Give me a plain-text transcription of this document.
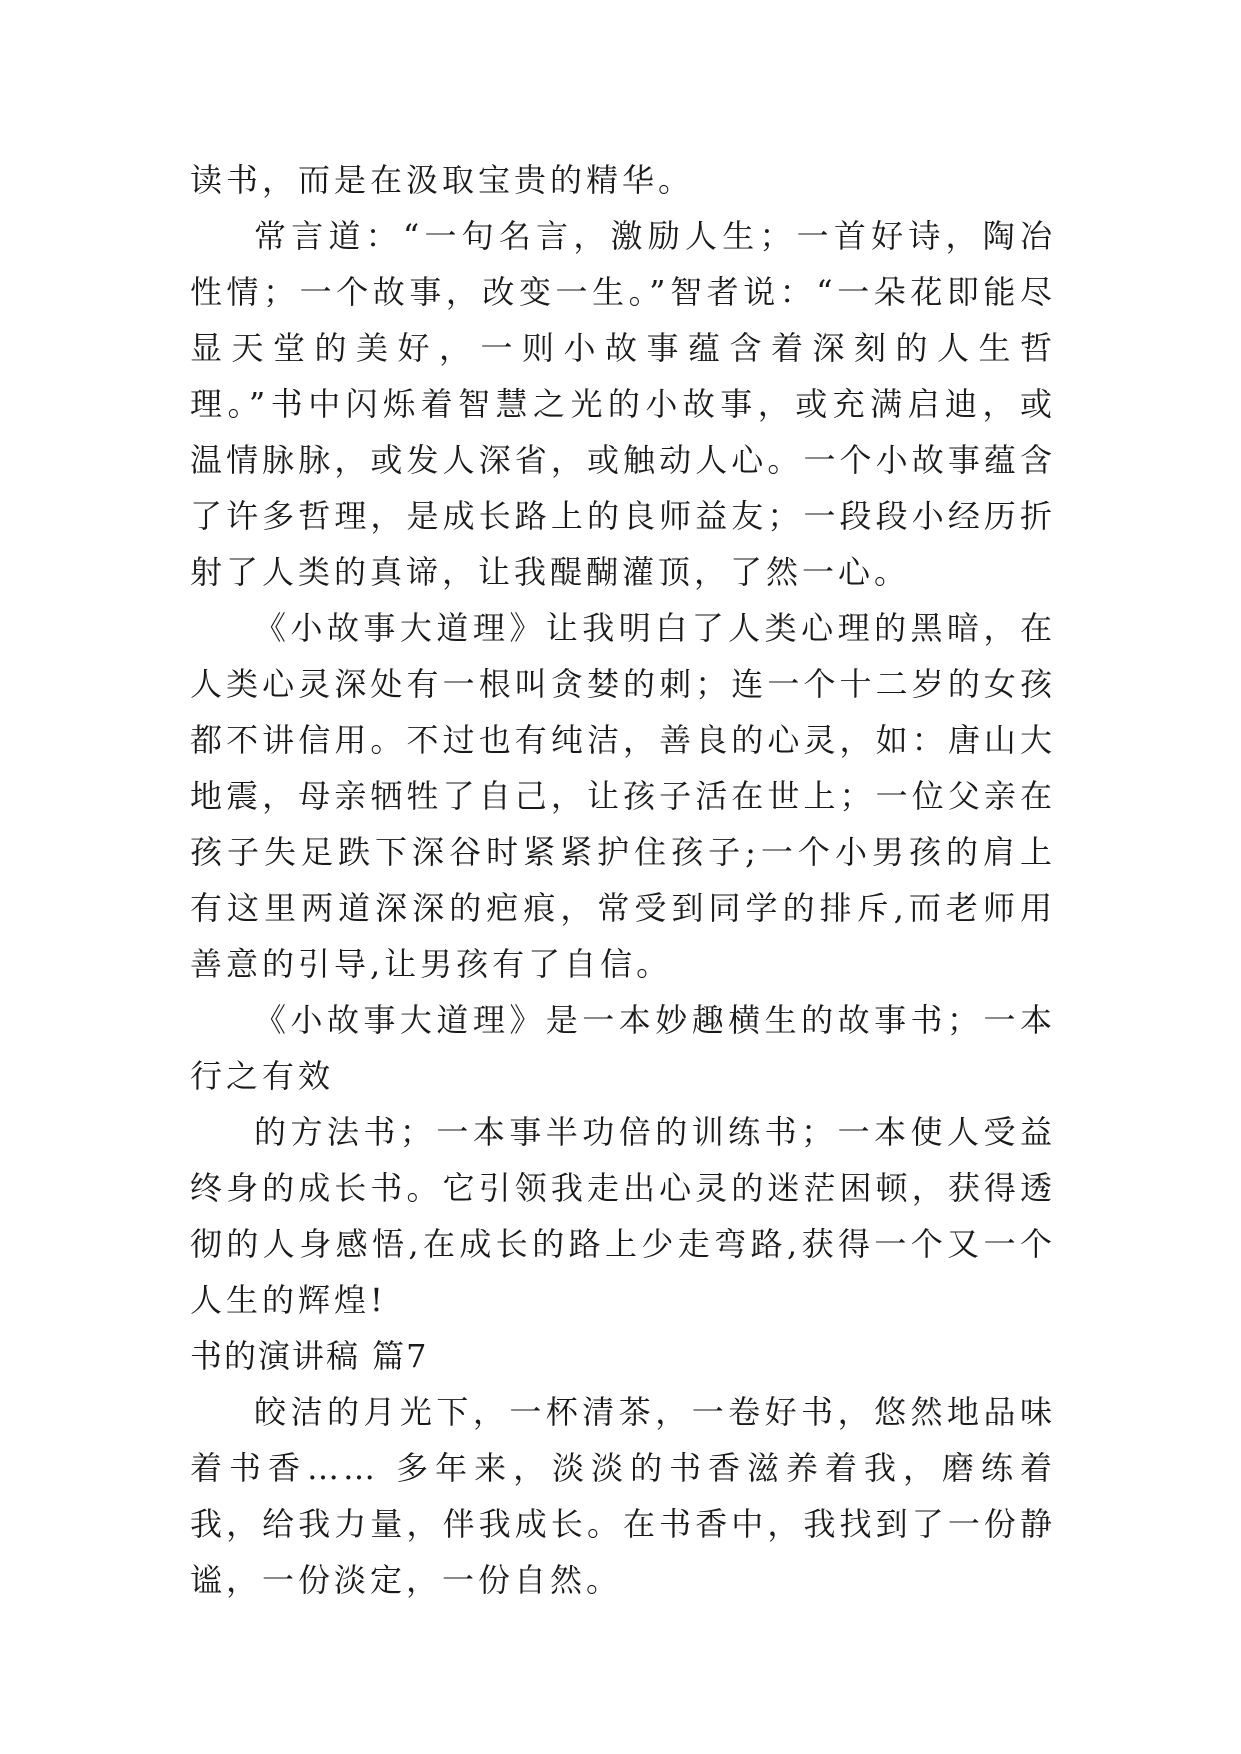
读书，而是在汲取宝贵的精华。

常言道：“一句名言，激励人生；一首好诗，陶冶性情；一个故事，改变一生。”智者说：“一朵花即能尽显天堂的美好，一则小故事蕴含着深刻的人生哲理。”书中闪烁着智慧之光的小故事，或充满启迪，或温情脉脉，或发人深省，或触动人心。一个小故事蕴含了许多哲理，是成长路上的良师益友；一段段小经历折射了人类的真谛，让我醍醐灌顶，了然一心。

《小故事大道理》让我明白了人类心理的黑暗，在人类心灵深处有一根叫贪婪的刺；连一个十二岁的女孩都不讲信用。不过也有纯洁，善良的心灵，如：唐山大地震，母亲牺牲了自己，让孩子活在世上；一位父亲在孩子失足跌下深谷时紧紧护住孩子;一个小男孩的肩上有这里两道深深的疤痕，常受到同学的排斥,而老师用善意的引导,让男孩有了自信。

《小故事大道理》是一本妙趣横生的故事书；一本行之有效

的方法书；一本事半功倍的训练书；一本使人受益终身的成长书。它引领我走出心灵的迷茫困顿，获得透彻的人身感悟,在成长的路上少走弯路,获得一个又一个人生的辉煌!

书的演讲稿 篇7

皎洁的月光下，一杯清茶，一卷好书，悠然地品味着书香…… 多年来，淡淡的书香滋养着我，磨练着我，给我力量，伴我成长。在书香中，我找到了一份静谧，一份淡定，一份自然。
